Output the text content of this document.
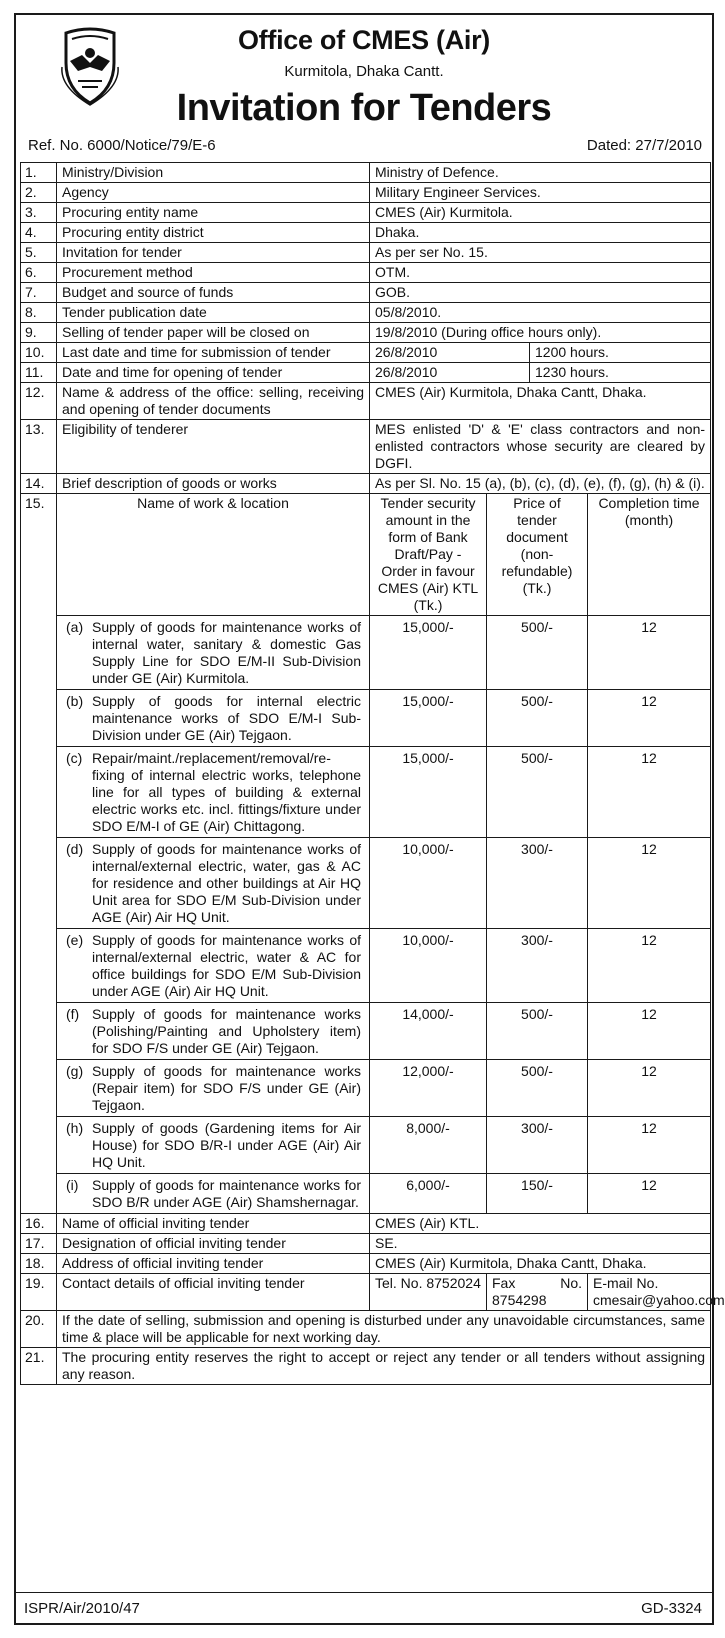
Office of CMES (Air)
Kurmitola, Dhaka Cantt.
Invitation for Tenders
Ref. No. 6000/Notice/79/E-6	Dated: 27/7/2010
1.	Ministry/Division	Ministry of Defence.			
2.	Agency	Military Engineer Services.			
3.	Procuring entity name	CMES (Air) Kurmitola.			
4.	Procuring entity district	Dhaka.			
5.	Invitation for tender	As per ser No. 15.			
6.	Procurement method	OTM.			
7.	Budget and source of funds	GOB.			
8.	Tender publication date	05/8/2010.			
9.	Selling of tender paper will be closed on	19/8/2010 (During office hours only).			
10.	Last date and time for submission of tender	26/8/2010		1200 hours.	
11.	Date and time for opening of tender	26/8/2010		1230 hours.	
12.	Name & address of the office: selling, receiving and opening of tender documents	CMES (Air) Kurmitola, Dhaka Cantt, Dhaka.			
13.	Eligibility of tenderer	MES enlisted 'D' & 'E' class contractors and non-enlisted contractors whose security are cleared by DGFI.			
14.	Brief description of goods or works	As per Sl. No. 15 (a), (b), (c), (d), (e), (f), (g), (h) & (i).			
15.	Name of work & location	Tender security amount in the form of Bank Draft/Pay - Order in favour CMES (Air) KTL (Tk.)	Price of tender document (non-refundable) (Tk.)		Completion time (month)

	(a) Supply of goods for maintenance works of internal water, sanitary & domestic Gas Supply Line for SDO E/M-II Sub-Division under GE (Air) Kurmitola.	15,000/-	500/-		12

	(b) Supply of goods for internal electric maintenance works of SDO E/M-I Sub-Division under GE (Air) Tejgaon.	15,000/-	500/-		12

	(c) Repair/maint./replacement/removal/re-fixing of internal electric works, telephone line for all types of building & external electric works etc. incl. fittings/fixture under SDO E/M-I of GE (Air) Chittagong.	15,000/-	500/-		12

	(d) Supply of goods for maintenance works of internal/external electric, water, gas & AC for residence and other buildings at Air HQ Unit area for SDO E/M Sub-Division under AGE (Air) Air HQ Unit.	10,000/-	300/-		12

	(e) Supply of goods for maintenance works of internal/external electric, water & AC for office buildings for SDO E/M Sub-Division under AGE (Air) Air HQ Unit.	10,000/-	300/-		12

	(f) Supply of goods for maintenance works (Polishing/Painting and Upholstery item) for SDO F/S under GE (Air) Tejgaon.	14,000/-	500/-		12

	(g) Supply of goods for maintenance works (Repair item) for SDO F/S under GE (Air) Tejgaon.	12,000/-	500/-		12

	(h) Supply of goods (Gardening items for Air House) for SDO B/R-I under AGE (Air) Air HQ Unit.	8,000/-	300/-		12

	(i) Supply of goods for maintenance works for SDO B/R under AGE (Air) Shamshernagar.	6,000/-	150/-		12
16.	Name of official inviting tender	CMES (Air) KTL.			
17.	Designation of official inviting tender	SE.			
18.	Address of official inviting tender	CMES (Air) Kurmitola, Dhaka Cantt, Dhaka.			
19.	Contact details of official inviting tender	Tel. No. 8752024	Fax No. 8754298		E-mail No. cmesair@yahoo.com
20.	If the date of selling, submission and opening is disturbed under any unavoidable circumstances, same time & place will be applicable for next working day.				
21.	The procuring entity reserves the right to accept or reject any tender or all tenders without assigning any reason.				
ISPR/Air/2010/47	GD-3324
